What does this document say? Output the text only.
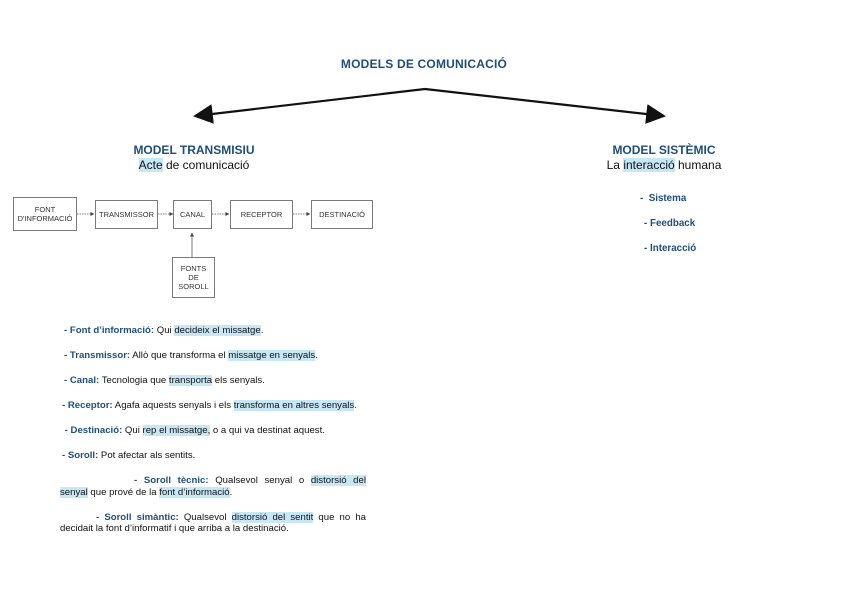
MODELS DE COMUNICACIÓ
MODEL TRANSMISIU
Acte de comunicació
FONT D'INFORMACIÓ	TRANSMISSOR	CANAL	RECEPTOR	DESTINACIÓ
FONTS DE SOROLL
MODEL SISTÈMIC
La interacció humana
-  Sistema
- Feedback
- Interacció

- Font d’informació: Qui decideix el missatge.

- Transmissor: Allò que transforma el missatge en senyals.

- Canal: Tecnologia que transporta els senyals.

- Receptor: Agafa aquests senyals i els transforma en altres senyals.

- Destinació: Qui rep el missatge, o a qui va destinat aquest.

- Soroll: Pot afectar als sentits.

- Soroll tècnic: Qualsevol senyal o distorsió del senyal que prové de la font d’informació.

- Soroll simàntic: Qualsevol distorsió del sentit que no ha decidait la font d’informatif i que arriba a la destinació.
